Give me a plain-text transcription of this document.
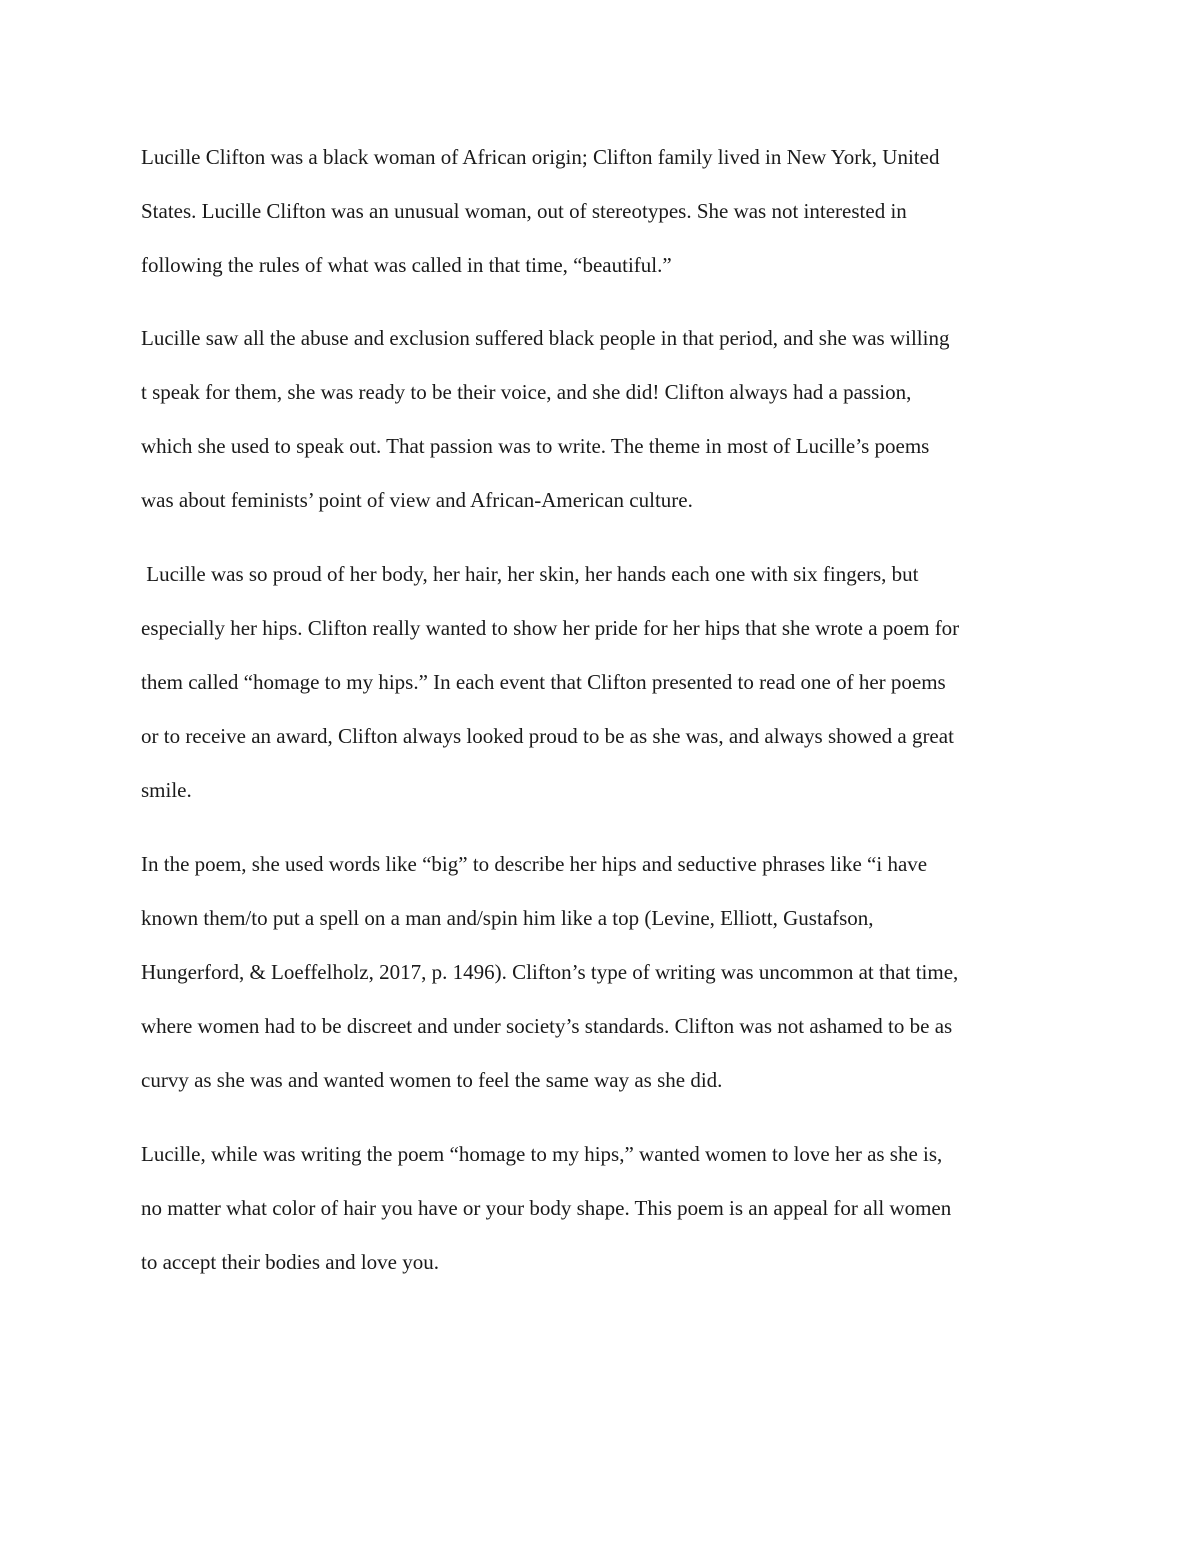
Lucille Clifton was a black woman of African origin; Clifton family lived in New York, United
States. Lucille Clifton was an unusual woman, out of stereotypes. She was not interested in
following the rules of what was called in that time, “beautiful.”

Lucille saw all the abuse and exclusion suffered black people in that period, and she was willing
t speak for them, she was ready to be their voice, and she did! Clifton always had a passion,
which she used to speak out. That passion was to write. The theme in most of Lucille’s poems
was about feminists’ point of view and African-American culture.

Lucille was so proud of her body, her hair, her skin, her hands each one with six fingers, but
especially her hips. Clifton really wanted to show her pride for her hips that she wrote a poem for
them called “homage to my hips.” In each event that Clifton presented to read one of her poems
or to receive an award, Clifton always looked proud to be as she was, and always showed a great
smile.

In the poem, she used words like “big” to describe her hips and seductive phrases like “i have
known them/to put a spell on a man and/spin him like a top (Levine, Elliott, Gustafson,
Hungerford, & Loeffelholz, 2017, p. 1496). Clifton’s type of writing was uncommon at that time,
where women had to be discreet and under society’s standards. Clifton was not ashamed to be as
curvy as she was and wanted women to feel the same way as she did.

Lucille, while was writing the poem “homage to my hips,” wanted women to love her as she is,
no matter what color of hair you have or your body shape. This poem is an appeal for all women
to accept their bodies and love you.
